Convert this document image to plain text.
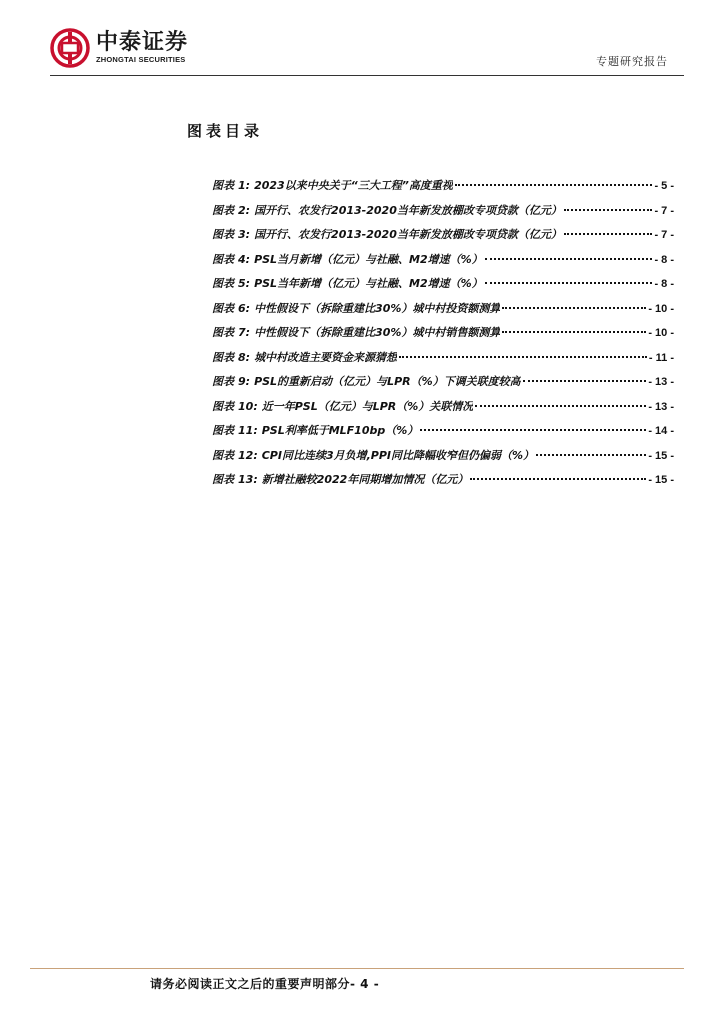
中泰证券
ZHONGTAI SECURITIES	专题研究报告
图表目录
图表 1 : 2023以来中央关于“三大工程”高度重视	- 5 -
图表 2 : 国开行、农发行2013-2020当年新发放棚改专项贷款（亿元）	- 7 -
图表 3 : 国开行、农发行2013-2020当年新发放棚改专项贷款（亿元）	- 7 -
图表 4 : PSL当月新增（亿元）与社融、M2增速（%）	- 8 -
图表 5 : PSL当年新增（亿元）与社融、M2增速（%）	- 8 -
图表 6 : 中性假设下（拆除重建比30%）城中村投资额测算	- 10 -
图表 7 : 中性假设下（拆除重建比30%）城中村销售额测算	- 10 -
图表 8 : 城中村改造主要资金来源猜想	- 11 -
图表 9 : PSL的重新启动（亿元）与LPR（%）下调关联度较高	- 13 -
图表 10 : 近一年PSL（亿元）与LPR（%）关联情况	- 13 -
图表 11 : PSL利率低于MLF10bp（%）	- 14 -
图表 12 : CPI同比连续3月负增,PPI同比降幅收窄但仍偏弱（%）	- 15 -
图表 13 : 新增社融较2022年同期增加情况（亿元）	- 15 -
请务必阅读正文之后的重要声明部分- 4 -
